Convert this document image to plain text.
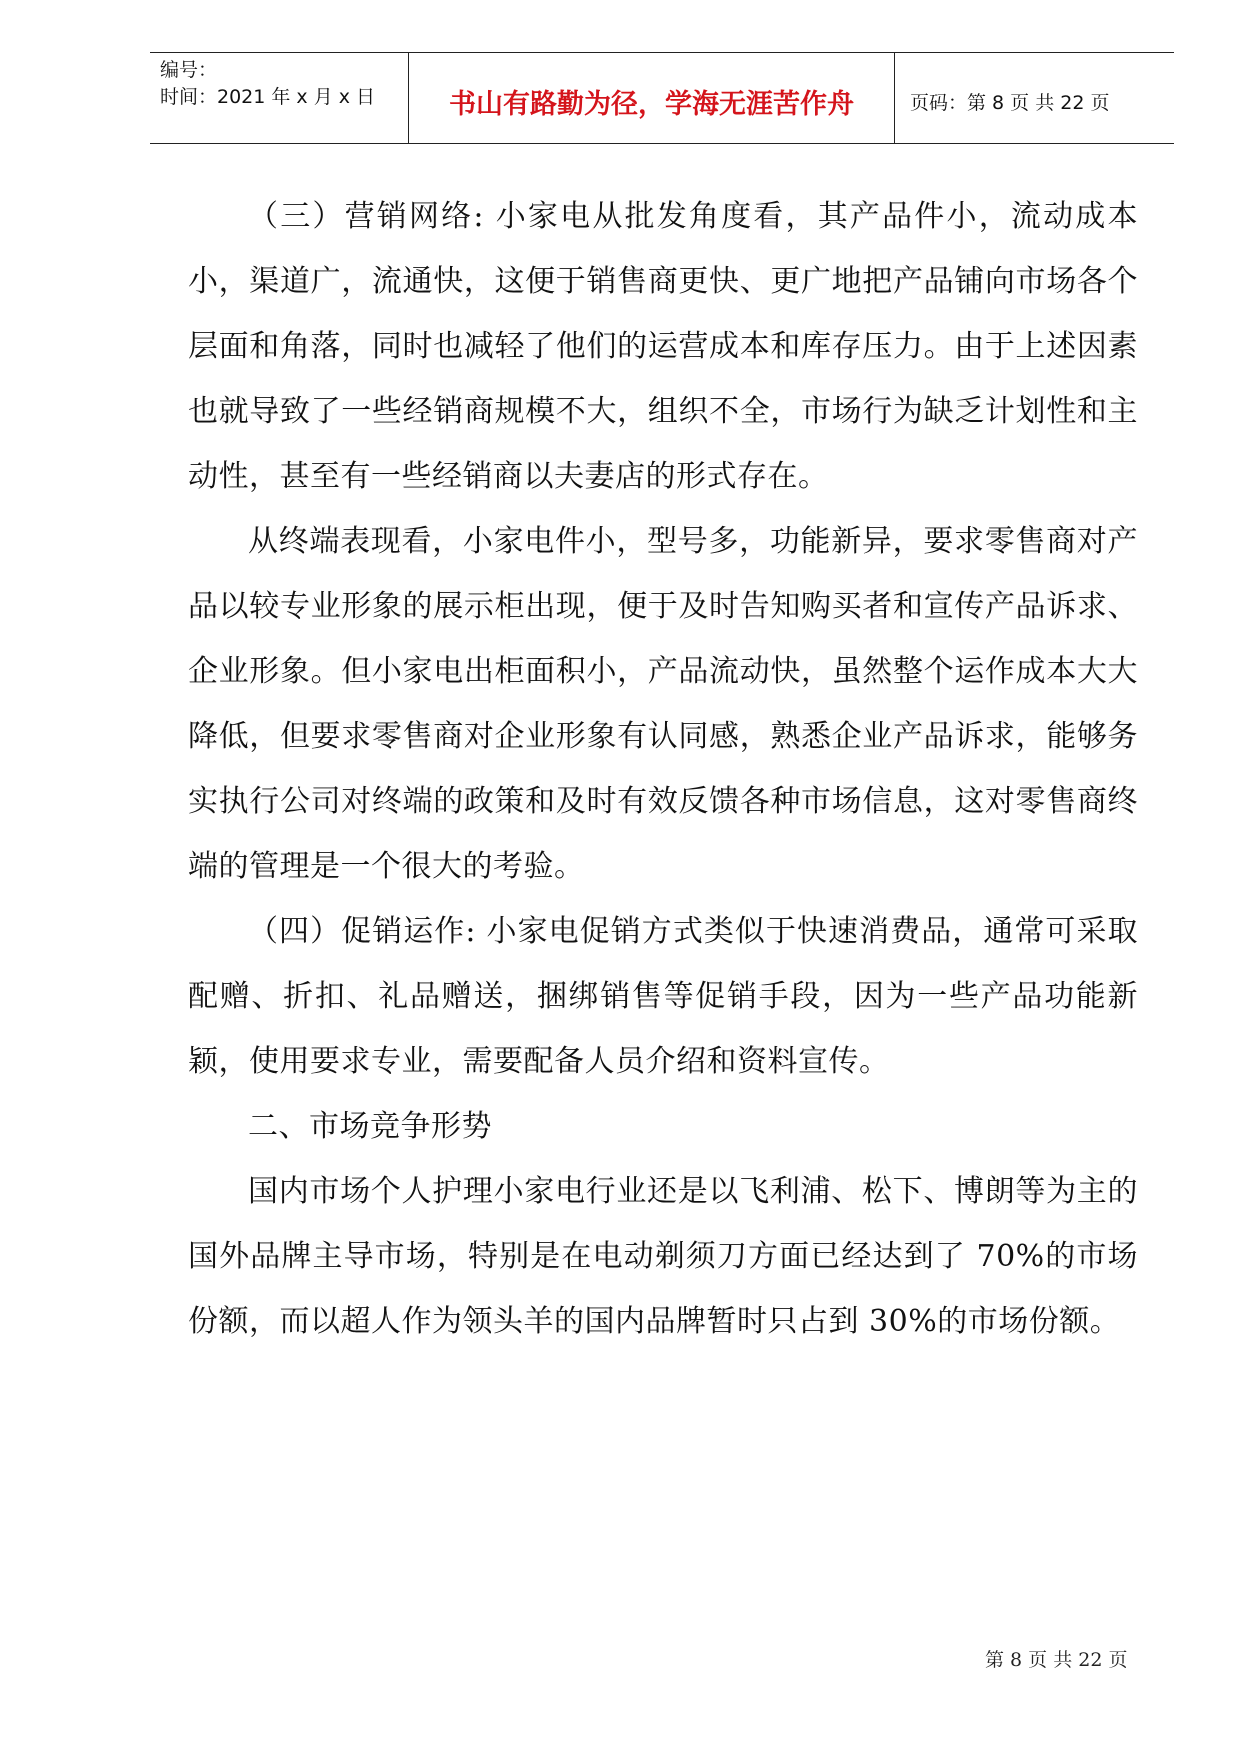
编号：
时间：2021 年 x 月 x 日	书山有路勤为径，学海无涯苦作舟	页码：第 8 页 共 22 页

（三）营销网络: 小家电从批发角度看，其产品件小，流动成本小，渠道广，流通快，这便于销售商更快、更广地把产品铺向市场各个层面和角落，同时也减轻了他们的运营成本和库存压力。由于上述因素也就导致了一些经销商规模不大，组织不全，市场行为缺乏计划性和主动性，甚至有一些经销商以夫妻店的形式存在。

从终端表现看，小家电件小，型号多，功能新异，要求零售商对产品以较专业形象的展示柜出现，便于及时告知购买者和宣传产品诉求、企业形象。但小家电出柜面积小，产品流动快，虽然整个运作成本大大降低，但要求零售商对企业形象有认同感，熟悉企业产品诉求，能够务实执行公司对终端的政策和及时有效反馈各种市场信息，这对零售商终端的管理是一个很大的考验。

（四）促销运作: 小家电促销方式类似于快速消费品，通常可采取配赠、折扣、礼品赠送，捆绑销售等促销手段，因为一些产品功能新颖，使用要求专业，需要配备人员介绍和资料宣传。

二、市场竞争形势

国内市场个人护理小家电行业还是以飞利浦、松下、博朗等为主的国外品牌主导市场，特别是在电动剃须刀方面已经达到了 70%的市场份额，而以超人作为领头羊的国内品牌暂时只占到 30%的市场份额。

第 8 页 共 22 页
